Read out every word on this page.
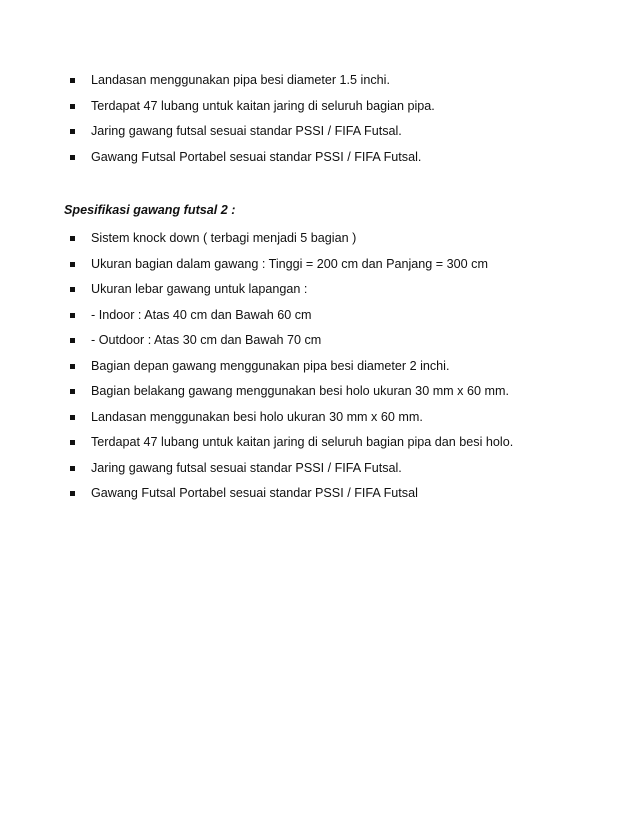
Landasan menggunakan pipa besi diameter 1.5 inchi.
Terdapat 47 lubang untuk kaitan jaring di seluruh bagian pipa.
Jaring gawang futsal sesuai standar PSSI / FIFA Futsal.
Gawang Futsal Portabel sesuai standar PSSI / FIFA Futsal.
Spesifikasi gawang futsal 2 :
Sistem knock down ( terbagi menjadi 5 bagian )
Ukuran bagian dalam gawang : Tinggi = 200 cm dan Panjang = 300 cm
Ukuran lebar gawang untuk lapangan :
- Indoor : Atas 40 cm dan Bawah 60 cm
- Outdoor : Atas 30 cm dan Bawah 70 cm
Bagian depan gawang menggunakan pipa besi diameter 2 inchi.
Bagian belakang gawang menggunakan besi holo ukuran 30 mm x 60 mm.
Landasan menggunakan besi holo ukuran 30 mm x 60 mm.
Terdapat 47 lubang untuk kaitan jaring di seluruh bagian pipa dan besi holo.
Jaring gawang futsal sesuai standar PSSI / FIFA Futsal.
Gawang Futsal Portabel sesuai standar PSSI / FIFA Futsal
